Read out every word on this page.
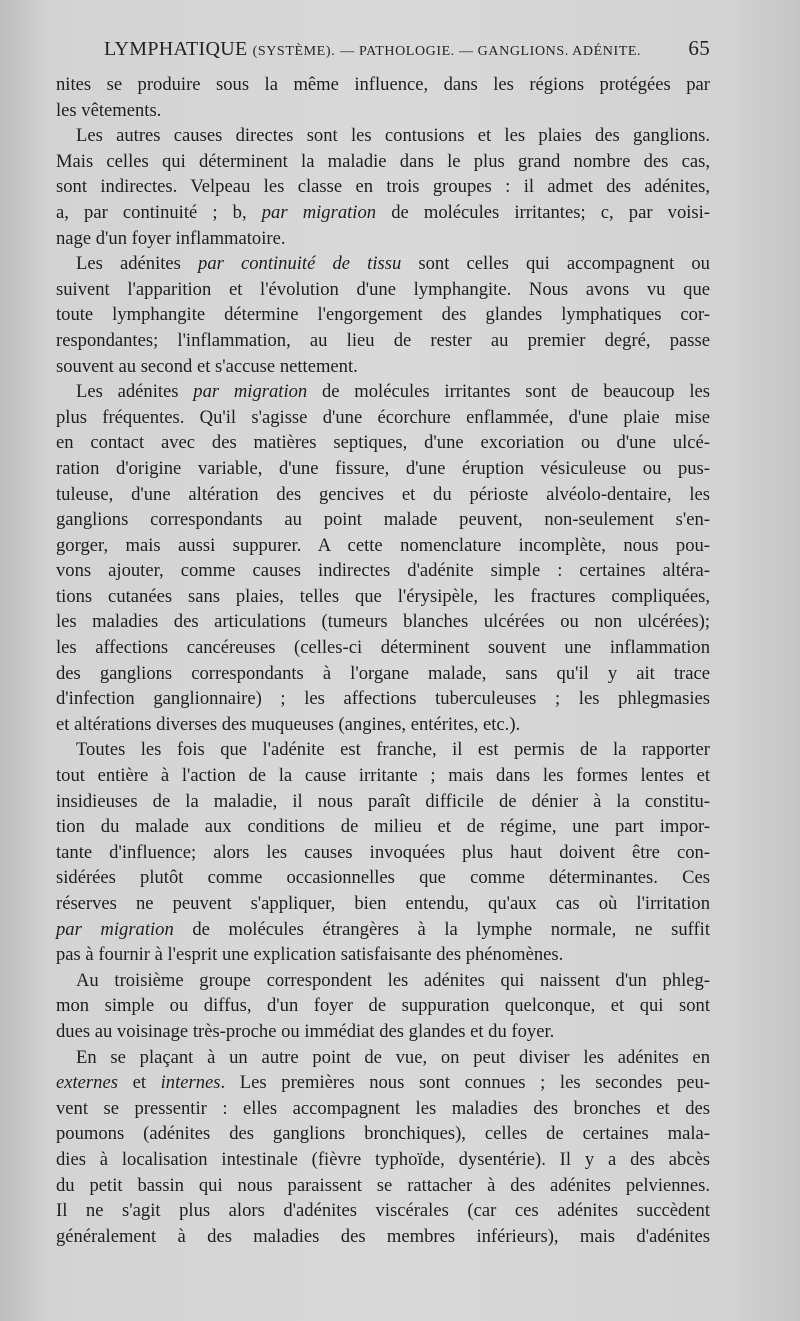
LYMPHATIQUE (SYSTÈME). — PATHOLOGIE. — GANGLIONS. ADÉNITE. 65

nites se produire sous la même influence, dans les régions protégées par
les vêtements.

Les autres causes directes sont les contusions et les plaies des ganglions.
Mais celles qui déterminent la maladie dans le plus grand nombre des cas,
sont indirectes. Velpeau les classe en trois groupes : il admet des adénites,
a, par continuité ; b, par migration de molécules irritantes; c, par voisi-
nage d'un foyer inflammatoire.

Les adénites par continuité de tissu sont celles qui accompagnent ou
suivent l'apparition et l'évolution d'une lymphangite. Nous avons vu que
toute lymphangite détermine l'engorgement des glandes lymphatiques cor-
respondantes; l'inflammation, au lieu de rester au premier degré, passe
souvent au second et s'accuse nettement.

Les adénites par migration de molécules irritantes sont de beaucoup les
plus fréquentes. Qu'il s'agisse d'une écorchure enflammée, d'une plaie mise
en contact avec des matières septiques, d'une excoriation ou d'une ulcé-
ration d'origine variable, d'une fissure, d'une éruption vésiculeuse ou pus-
tuleuse, d'une altération des gencives et du périoste alvéolo-dentaire, les
ganglions correspondants au point malade peuvent, non-seulement s'en-
gorger, mais aussi suppurer. A cette nomenclature incomplète, nous pou-
vons ajouter, comme causes indirectes d'adénite simple : certaines altéra-
tions cutanées sans plaies, telles que l'érysipèle, les fractures compliquées,
les maladies des articulations (tumeurs blanches ulcérées ou non ulcérées);
les affections cancéreuses (celles-ci déterminent souvent une inflammation
des ganglions correspondants à l'organe malade, sans qu'il y ait trace
d'infection ganglionnaire) ; les affections tuberculeuses ; les phlegmasies
et altérations diverses des muqueuses (angines, entérites, etc.).

Toutes les fois que l'adénite est franche, il est permis de la rapporter
tout entière à l'action de la cause irritante ; mais dans les formes lentes et
insidieuses de la maladie, il nous paraît difficile de dénier à la constitu-
tion du malade aux conditions de milieu et de régime, une part impor-
tante d'influence; alors les causes invoquées plus haut doivent être con-
sidérées plutôt comme occasionnelles que comme déterminantes. Ces
réserves ne peuvent s'appliquer, bien entendu, qu'aux cas où l'irritation
par migration de molécules étrangères à la lymphe normale, ne suffit
pas à fournir à l'esprit une explication satisfaisante des phénomènes.

Au troisième groupe correspondent les adénites qui naissent d'un phleg-
mon simple ou diffus, d'un foyer de suppuration quelconque, et qui sont
dues au voisinage très-proche ou immédiat des glandes et du foyer.

En se plaçant à un autre point de vue, on peut diviser les adénites en
externes et internes. Les premières nous sont connues ; les secondes peu-
vent se pressentir : elles accompagnent les maladies des bronches et des
poumons (adénites des ganglions bronchiques), celles de certaines mala-
dies à localisation intestinale (fièvre typhoïde, dysentérie). Il y a des abcès
du petit bassin qui nous paraissent se rattacher à des adénites pelviennes.
Il ne s'agit plus alors d'adénites viscérales (car ces adénites succèdent
généralement à des maladies des membres inférieurs), mais d'adénites
